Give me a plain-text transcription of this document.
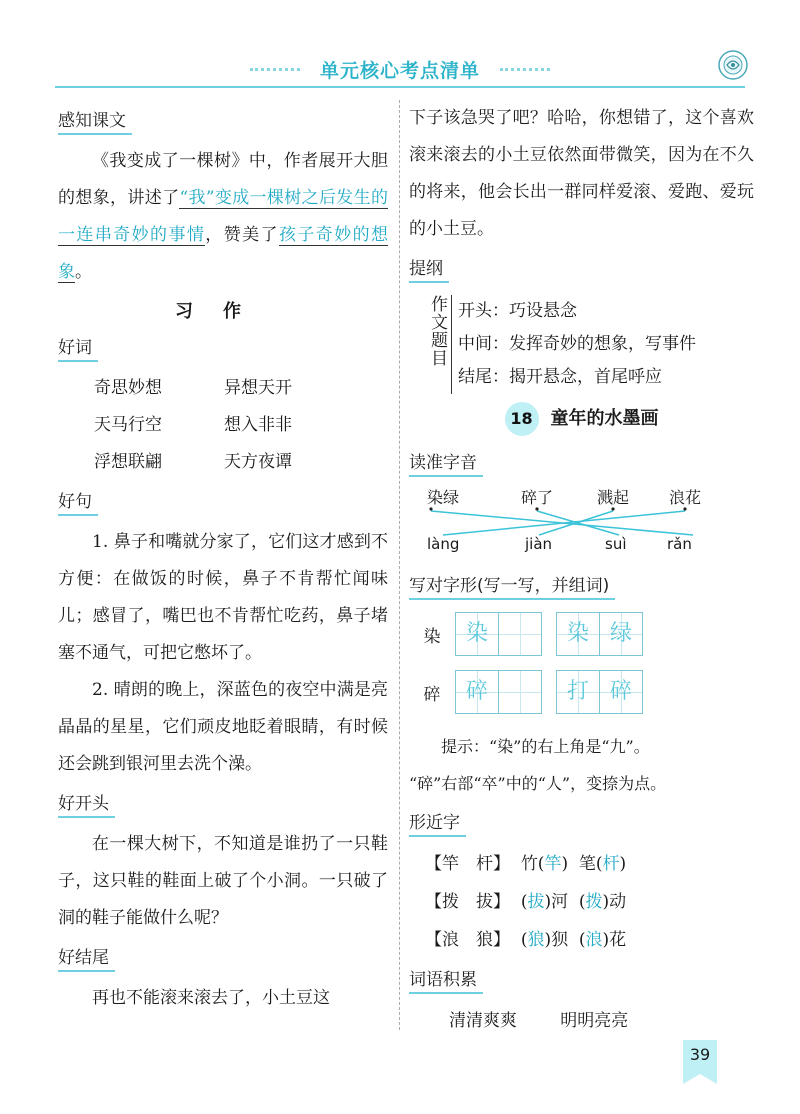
单元核心考点清单
感知课文

《我变成了一棵树》中，作者展开大胆的想象，讲述了“我”变成一棵树之后发生的一连串奇妙的事情，赞美了孩子奇妙的想象。

习作
好词
奇思妙想	异想天开
天马行空	想入非非
浮想联翩	天方夜谭
好句

1. 鼻子和嘴就分家了，它们这才感到不方便：在做饭的时候，鼻子不肯帮忙闻味儿；感冒了，嘴巴也不肯帮忙吃药，鼻子堵塞不通气，可把它憋坏了。

2. 晴朗的晚上，深蓝色的夜空中满是亮晶晶的星星，它们顽皮地眨着眼睛，有时候还会跳到银河里去洗个澡。

好开头

在一棵大树下，不知道是谁扔了一只鞋子，这只鞋的鞋面上破了个小洞。一只破了洞的鞋子能做什么呢？

好结尾

再也不能滚来滚去了，小土豆这

下子该急哭了吧？哈哈，你想错了，这个喜欢滚来滚去的小土豆依然面带微笑，因为在不久的将来，他会长出一群同样爱滚、爱跑、爱玩的小土豆。

提纲
作文题目 开头：巧设悬念
中间：发挥奇妙的想象，写事件
结尾：揭开悬念，首尾呼应
18 童年的水墨画
读准字音
染绿	碎了	溅起 浪花
làng	jiàn	suì	rǎn
写对字形(写一写，并组词)
染	染	染 绿
碎	碎	打 碎

提示：“染”的右上角是“九”。

“碎”右部“卒”中的“人”，变捺为点。

形近字
【竿　杆】 竹(竿) 笔(杆)
【拨　拔】 (拔)河 (拨)动
【浪　狼】 (狼)狈 (浪)花
词语积累
清清爽爽	明明亮亮
39
